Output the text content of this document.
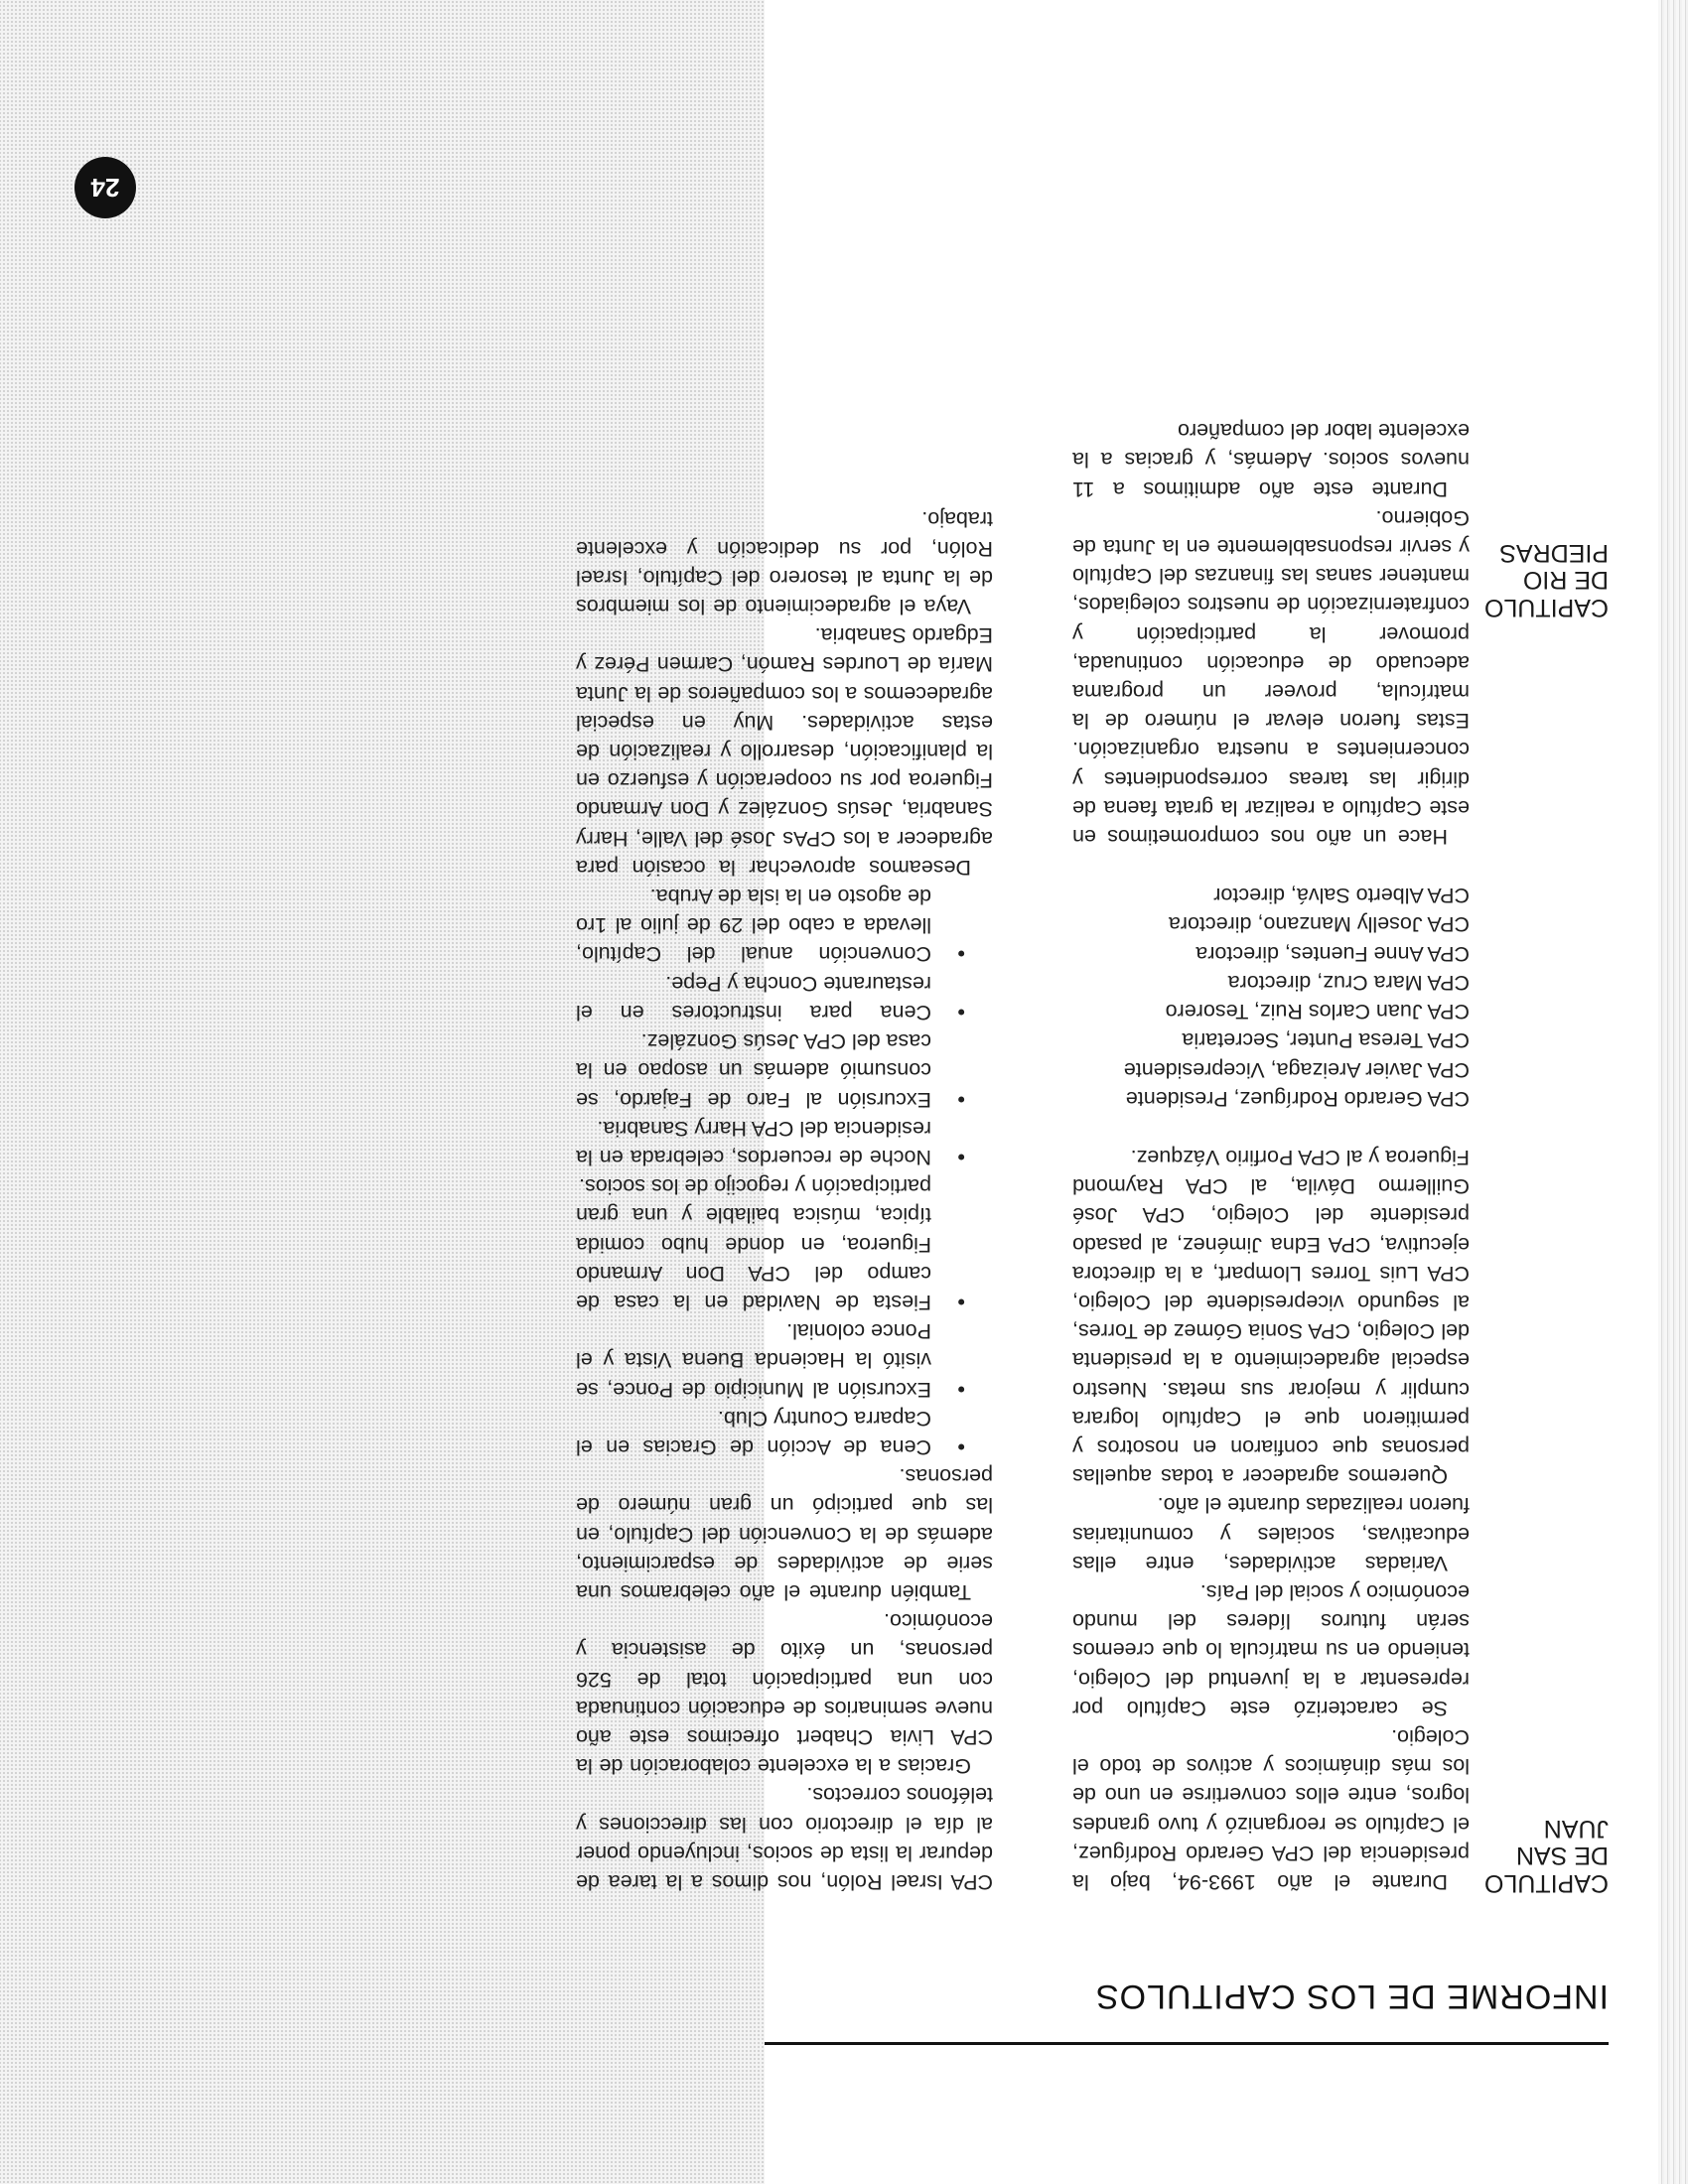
INFORME DE LOS CAPITULOS
CAPITULO DE SAN JUAN
CAPITULO DE RIO PIEDRAS

Durante el año 1993-94, bajo la presidencia del CPA Gerardo Rodríguez, el Capítulo se reorganizó y tuvo grandes logros, entre ellos convertirse en uno de los más dinámicos y activos de todo el Colegio.

Se caracterizó este Capítulo por representar a la juventud del Colegio, teniendo en su matrícula lo que creemos serán futuros líderes del mundo económico y social del País.

Variadas actividades, entre ellas educativas, sociales y comunitarias fueron realizadas durante el año.

Queremos agradecer a todas aquellas personas que confiaron en nosotros y permitieron que el Capítulo lograra cumplir y mejorar sus metas. Nuestro especial agradecimiento a la presidenta del Colegio, CPA Sonia Gómez de Torres, al segundo vicepresidente del Colegio, CPA Luis Torres Llompart, a la directora ejecutiva, CPA Edna Jiménez, al pasado presidente del Colegio, CPA José Guillermo Dávila, al CPA Raymond Figueroa y al CPA Porfirio Vázquez.

CPA Gerardo Rodríguez, Presidente
CPA Javier Areizaga, Vicepresidente
CPA Teresa Punter, Secretaria
CPA Juan Carlos Ruiz, Tesorero
CPA Mara Cruz, directora
CPA Anne Fuentes, directora
CPA Joselly Manzano, directora
CPA Alberto Salvá, director

Hace un año nos comprometimos en este Capítulo a realizar la grata faena de dirigir las tareas correspondientes y concernientes a nuestra organización. Estas fueron elevar el número de la matrícula, proveer un programa adecuado de educación continuada, promover la participación y confraternización de nuestros colegiados, mantener sanas las finanzas del Capítulo y servir responsablemente en la Junta de Gobierno.

Durante este año admitimos a 11 nuevos socios. Además, y gracias a la excelente labor del compañero

CPA Israel Rolón, nos dimos a la tarea de depurar la lista de socios, incluyendo poner al día el directorio con las direcciones y teléfonos correctos.

Gracias a la excelente colaboración de la CPA Livia Chabert ofrecimos este año nueve seminarios de educación continuada con una participación total de 526 personas, un éxito de asistencia y económico.

También durante el año celebramos una serie de actividades de esparcimiento, además de la Convención del Capítulo, en las que participó un gran número de personas.

• Cena de Acción de Gracias en el Caparra Country Club.
• Excursión al Municipio de Ponce, se visitó la Hacienda Buena Vista y el Ponce colonial.
• Fiesta de Navidad en la casa de campo del CPA Don Armando Figueroa, en donde hubo comida típica, música bailable y una gran participación y regocijo de los socios.
• Noche de recuerdos, celebrada en la residencia del CPA Harry Sanabria.
• Excursión al Faro de Fajardo, se consumió además un asopao en la casa del CPA Jesús González.
• Cena para instructores en el restaurante Concha y Pepe.
• Convención anual del Capítulo, llevada a cabo del 29 de julio al 1ro de agosto en la isla de Aruba.

Deseamos aprovechar la ocasión para agradecer a los CPAs José del Valle, Harry Sanabria, Jesús González y Don Armando Figueroa por su cooperación y esfuerzo en la planificación, desarrollo y realización de estas actividades. Muy en especial agradecemos a los compañeros de la Junta María de Lourdes Ramón, Carmen Pérez y Edgardo Sanabria.

Vaya el agradecimiento de los miembros de la Junta al tesorero del Capítulo, Israel Rolón, por su dedicación y excelente trabajo.

24
